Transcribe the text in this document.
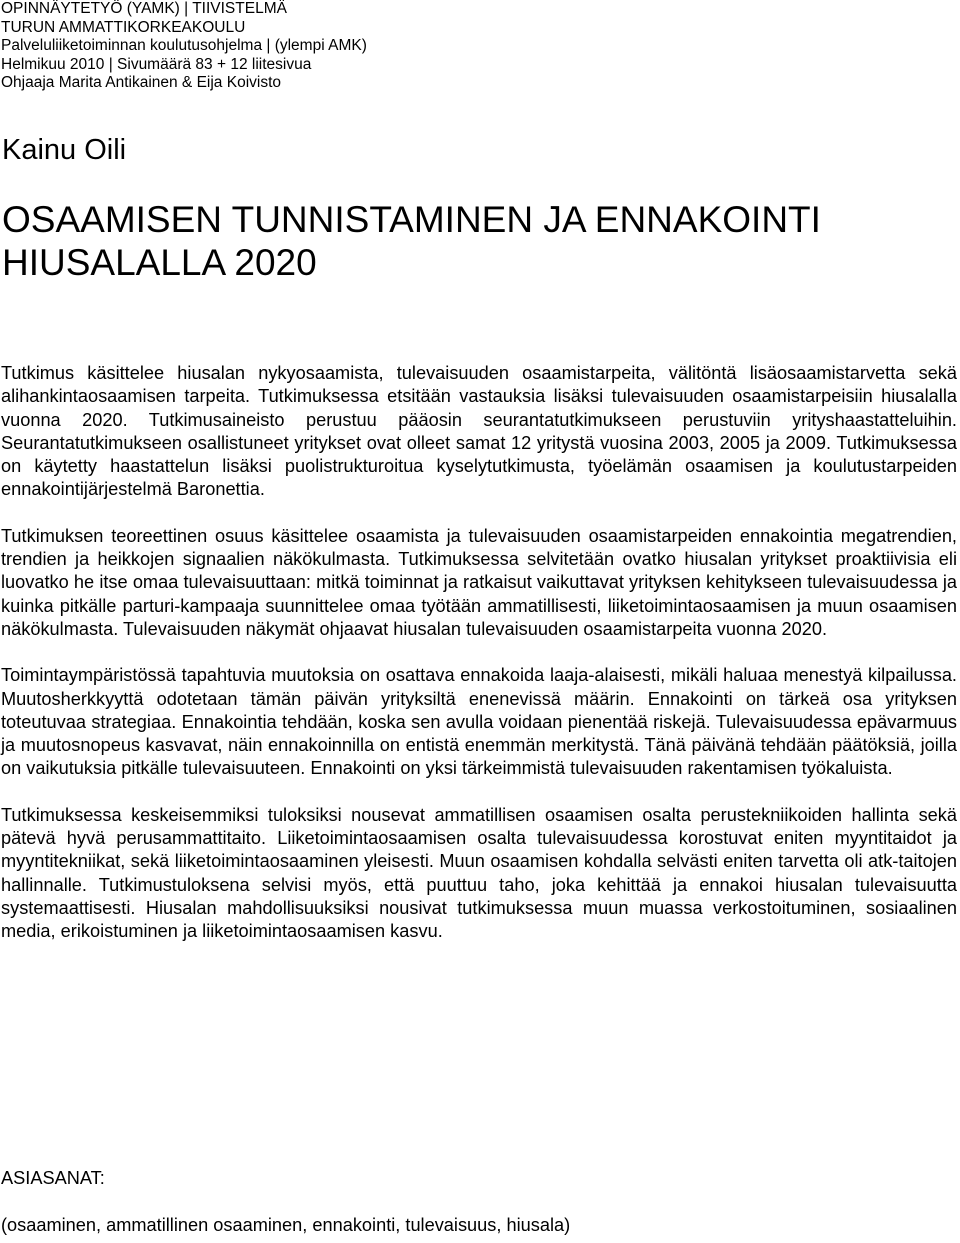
OPINNÄYTETYÖ (YAMK) | TIIVISTELMÄ
TURUN AMMATTIKORKEAKOULU
Palveluliiketoiminnan koulutusohjelma | (ylempi AMK)
Helmikuu 2010 | Sivumäärä 83 + 12 liitesivua
Ohjaaja Marita Antikainen & Eija Koivisto
Kainu Oili
OSAAMISEN TUNNISTAMINEN JA ENNAKOINTI
HIUSALALLA 2020

Tutkimus käsittelee hiusalan nykyosaamista, tulevaisuuden osaamistarpeita, välitöntä lisäosaamistarvetta sekä alihankintaosaamisen tarpeita. Tutkimuksessa etsitään vastauksia lisäksi tulevaisuuden osaamistarpeisiin hiusalalla vuonna 2020. Tutkimusaineisto perustuu pääosin seurantatutkimukseen perustuviin yrityshaastatteluihin. Seurantatutkimukseen osallistuneet yritykset ovat olleet samat 12 yritystä vuosina 2003, 2005 ja 2009. Tutkimuksessa on käytetty haastattelun lisäksi puolistrukturoitua kyselytutkimusta, työelämän osaamisen ja koulutustarpeiden ennakointijärjestelmä Baronettia.

Tutkimuksen teoreettinen osuus käsittelee osaamista ja tulevaisuuden osaamistarpeiden ennakointia megatrendien, trendien ja heikkojen signaalien näkökulmasta. Tutkimuksessa selvitetään ovatko hiusalan yritykset proaktiivisia eli luovatko he itse omaa tulevaisuuttaan: mitkä toiminnat ja ratkaisut vaikuttavat yrityksen kehitykseen tulevaisuudessa ja kuinka pitkälle parturi-kampaaja suunnittelee omaa työtään ammatillisesti, liiketoimintaosaamisen ja muun osaamisen näkökulmasta. Tulevaisuuden näkymät ohjaavat hiusalan tulevaisuuden osaamistarpeita vuonna 2020.

Toimintaympäristössä tapahtuvia muutoksia on osattava ennakoida laaja-alaisesti, mikäli haluaa menestyä kilpailussa. Muutosherkkyyttä odotetaan tämän päivän yrityksiltä enenevissä määrin. Ennakointi on tärkeä osa yrityksen toteutuvaa strategiaa. Ennakointia tehdään, koska sen avulla voidaan pienentää riskejä. Tulevaisuudessa epävarmuus ja muutosnopeus kasvavat, näin ennakoinnilla on entistä enemmän merkitystä. Tänä päivänä tehdään päätöksiä, joilla on vaikutuksia pitkälle tulevaisuuteen. Ennakointi on yksi tärkeimmistä tulevaisuuden rakentamisen työkaluista.

Tutkimuksessa keskeisemmiksi tuloksiksi nousevat ammatillisen osaamisen osalta perustekniikoiden hallinta sekä pätevä hyvä perusammattitaito. Liiketoimintaosaamisen osalta tulevaisuudessa korostuvat eniten myyntitaidot ja myyntitekniikat, sekä liiketoimintaosaaminen yleisesti. Muun osaamisen kohdalla selvästi eniten tarvetta oli atk-taitojen hallinnalle. Tutkimustuloksena selvisi myös, että puuttuu taho, joka kehittää ja ennakoi hiusalan tulevaisuutta systemaattisesti. Hiusalan mahdollisuuksiksi nousivat tutkimuksessa muun muassa verkostoituminen, sosiaalinen media, erikoistuminen ja liiketoimintaosaamisen kasvu.

ASIASANAT:
(osaaminen, ammatillinen osaaminen, ennakointi, tulevaisuus, hiusala)
